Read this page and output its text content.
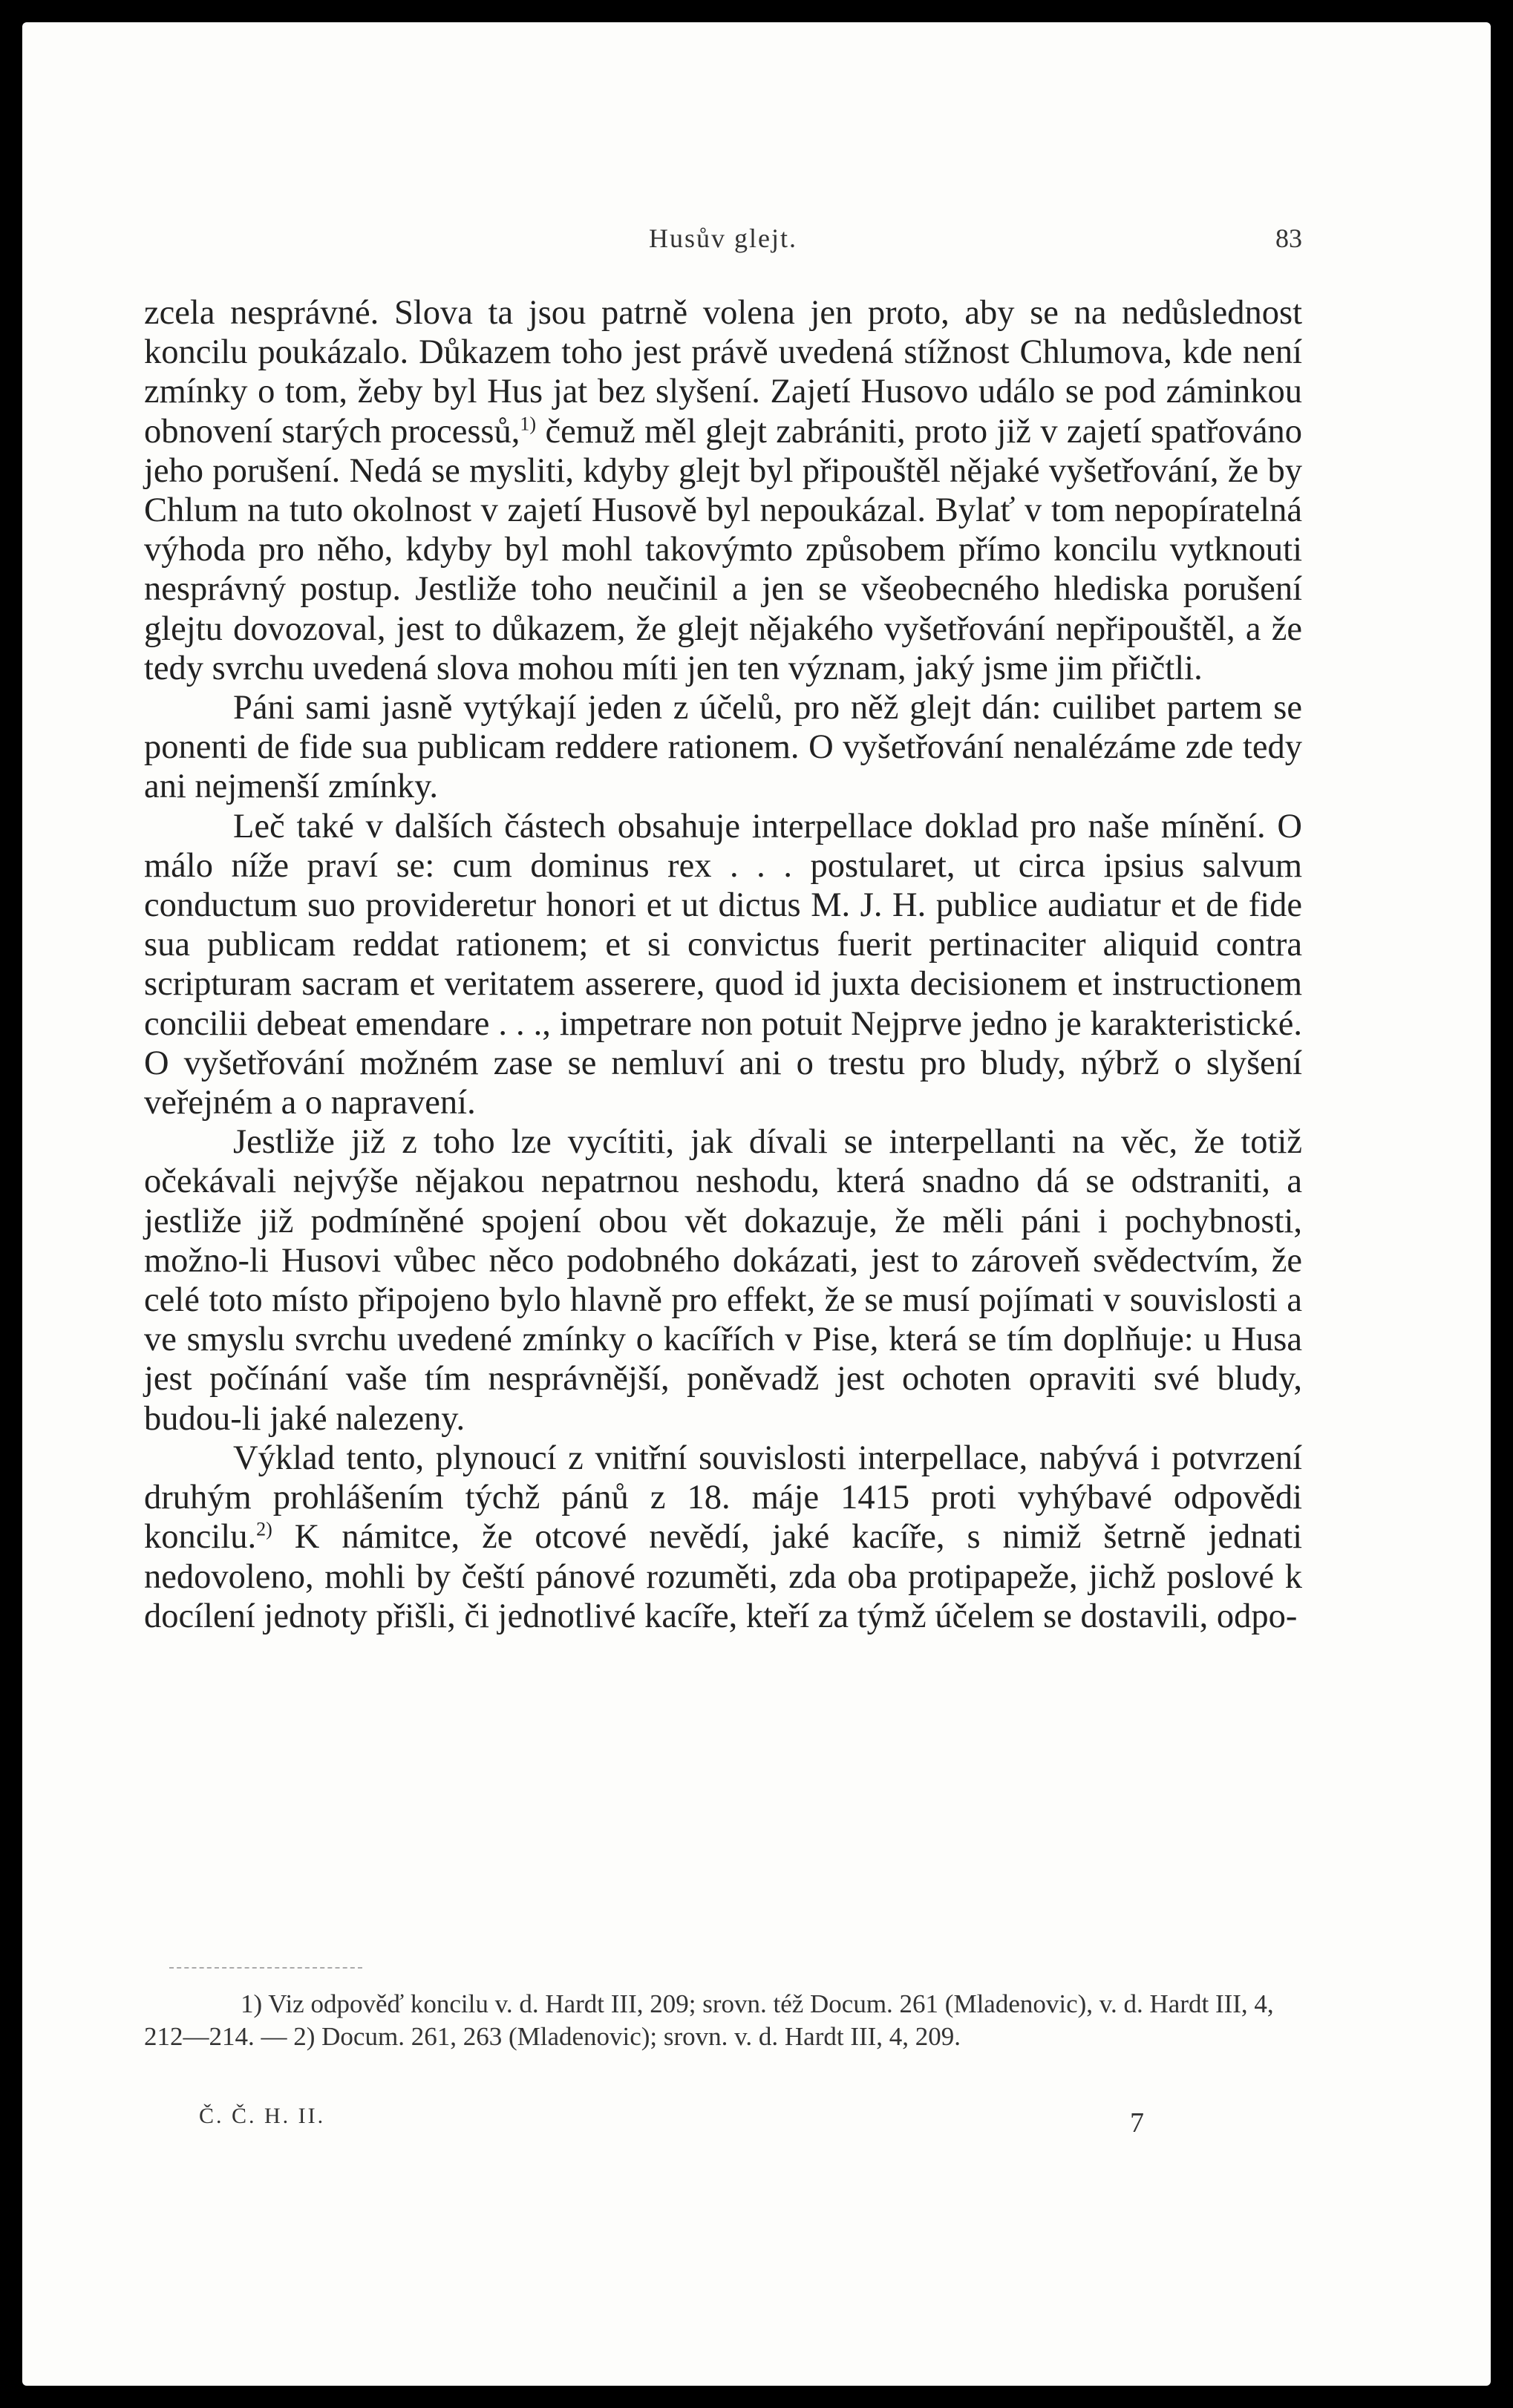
Husův glejt.	83

zcela nesprávné. Slova ta jsou patrně volena jen proto, aby se na nedůslednost koncilu poukázalo. Důkazem toho jest právě uvedená stížnost Chlumova, kde není zmínky o tom, žeby byl Hus jat bez slyšení. Zajetí Husovo událo se pod záminkou obnovení starých processů,$^{1)}$ čemuž měl glejt zabrániti, proto již v zajetí spatřováno jeho porušení. Nedá se mysliti, kdyby glejt byl připouštěl nějaké vyšetřování, že by Chlum na tuto okolnost v zajetí Husově byl nepoukázal. Bylať v tom nepopíratelná výhoda pro něho, kdyby byl mohl takovýmto způsobem přímo koncilu vytknouti nesprávný postup. Jestliže toho neučinil a jen se všeobecného hlediska porušení glejtu dovozoval, jest to důkazem, že glejt nějakého vyšetřování nepřipouštěl, a že tedy svrchu uvedená slova mohou míti jen ten význam, jaký jsme jim přičtli.

Páni sami jasně vytýkají jeden z účelů, pro něž glejt dán: cuilibet partem se ponenti de fide sua publicam reddere rationem. O vyšetřování nenalézáme zde tedy ani nejmenší zmínky.

Leč také v dalších částech obsahuje interpellace doklad pro naše mínění. O málo níže praví se: cum dominus rex . . . postularet, ut circa ipsius salvum conductum suo provideretur honori et ut dictus M. J. H. publice audiatur et de fide sua publicam reddat rationem; et si convictus fuerit pertinaciter aliquid contra scripturam sacram et veritatem asserere, quod id juxta decisionem et instructionem concilii debeat emendare . . ., impetrare non potuit Nejprve jedno je karakteristické. O vyšetřování možném zase se nemluví ani o trestu pro bludy, nýbrž o slyšení veřejném a o napravení.

Jestliže již z toho lze vycítiti, jak dívali se interpellanti na věc, že totiž očekávali nejvýše nějakou nepatrnou neshodu, která snadno dá se odstraniti, a jestliže již podmíněné spojení obou vět dokazuje, že měli páni i pochybnosti, možno-li Husovi vůbec něco podobného dokázati, jest to zároveň svědectvím, že celé toto místo připojeno bylo hlavně pro effekt, že se musí pojímati v souvislosti a ve smyslu svrchu uvedené zmínky o kacířích v Pise, která se tím doplňuje: u Husa jest počínání vaše tím nesprávnější, poněvadž jest ochoten opraviti své bludy, budou-li jaké nalezeny.

Výklad tento, plynoucí z vnitřní souvislosti interpellace, nabývá i potvrzení druhým prohlášením týchž pánů z 18. máje 1415 proti vyhýbavé odpovědi koncilu.$^{2)}$ K námitce, že otcové nevědí, jaké kacíře, s nimiž šetrně jednati nedovoleno, mohli by čeští pánové rozuměti, zda oba protipapeže, jichž poslové k docílení jednoty přišli, či jednotlivé kacíře, kteří za týmž účelem se dostavili, odpo-

1) Viz odpověď koncilu v. d. Hardt III, 209; srovn. též Docum. 261 (Mladenovic), v. d. Hardt III, 4, 212—214. — 2) Docum. 261, 263 (Mladenovic); srovn. v. d. Hardt III, 4, 209.

Č. Č. H. II.	7
